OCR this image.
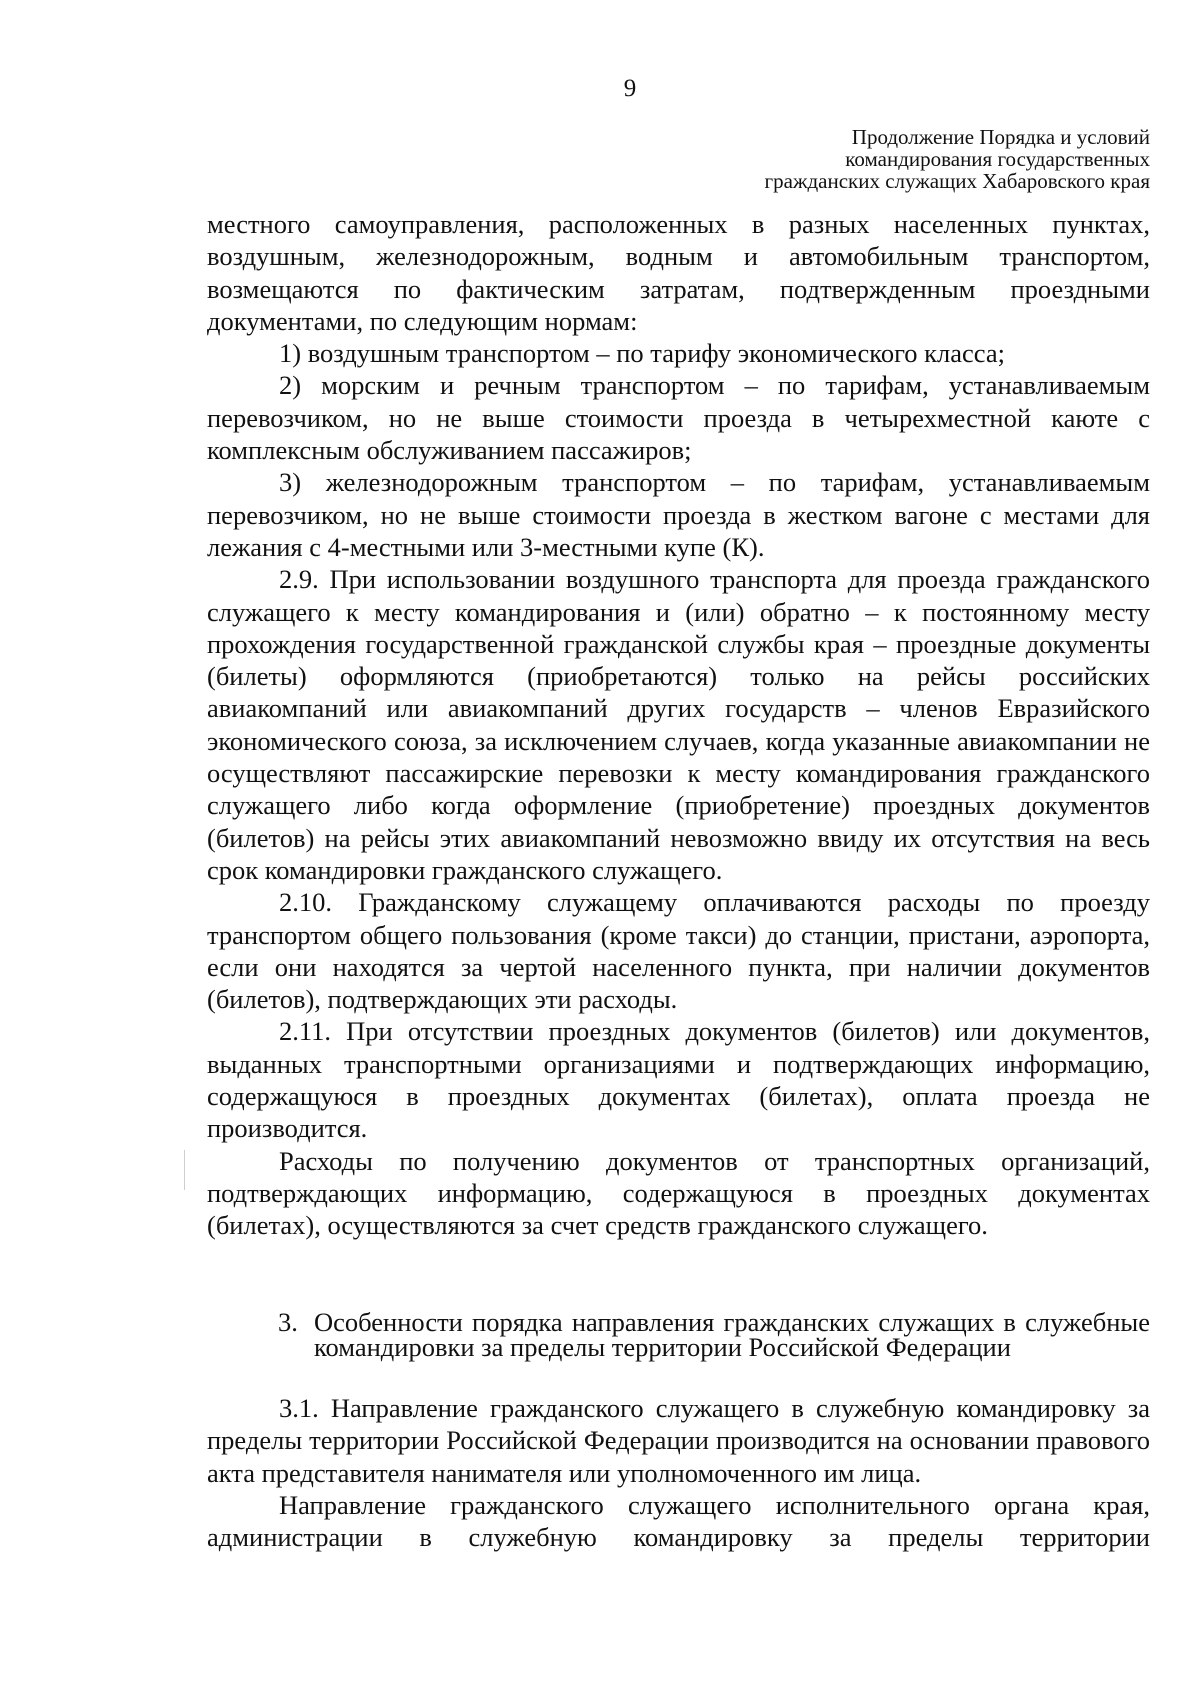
9
Продолжение Порядка и условий
командирования государственных
гражданских служащих Хабаровского края

местного самоуправления, расположенных в разных населенных пунктах, воздушным, железнодорожным, водным и автомобильным транспортом, возмещаются по фактическим затратам, подтвержденным проездными документами, по следующим нормам:

1) воздушным транспортом – по тарифу экономического класса;

2) морским и речным транспортом – по тарифам, устанавливаемым перевозчиком, но не выше стоимости проезда в четырехместной каюте с комплексным обслуживанием пассажиров;

3) железнодорожным транспортом – по тарифам, устанавливаемым перевозчиком, но не выше стоимости проезда в жестком вагоне с местами для лежания с 4-местными или 3-местными купе (К).

2.9. При использовании воздушного транспорта для проезда гражданского служащего к месту командирования и (или) обратно – к постоянному месту прохождения государственной гражданской службы края – проездные документы (билеты) оформляются (приобретаются) только на рейсы российских авиакомпаний или авиакомпаний других государств – членов Евразийского экономического союза, за исключением случаев, когда указанные авиакомпании не осуществляют пассажирские перевозки к месту командирования гражданского служащего либо когда оформление (приобретение) проездных документов (билетов) на рейсы этих авиакомпаний невозможно ввиду их отсутствия на весь срок командировки гражданского служащего.

2.10. Гражданскому служащему оплачиваются расходы по проезду транспортом общего пользования (кроме такси) до станции, пристани, аэропорта, если они находятся за чертой населенного пункта, при наличии документов (билетов), подтверждающих эти расходы.

2.11. При отсутствии проездных документов (билетов) или документов, выданных транспортными организациями и подтверждающих информацию, содержащуюся в проездных документах (билетах), оплата проезда не производится.

Расходы по получению документов от транспортных организаций, подтверждающих информацию, содержащуюся в проездных документах (билетах), осуществляются за счет средств гражданского служащего.

3. Особенности порядка направления гражданских служащих в служебные командировки за пределы территории Российской Федерации

3.1. Направление гражданского служащего в служебную командировку за пределы территории Российской Федерации производится на основании правового акта представителя нанимателя или уполномоченного им лица.

Направление гражданского служащего исполнительного органа края, администрации в служебную командировку за пределы территории
